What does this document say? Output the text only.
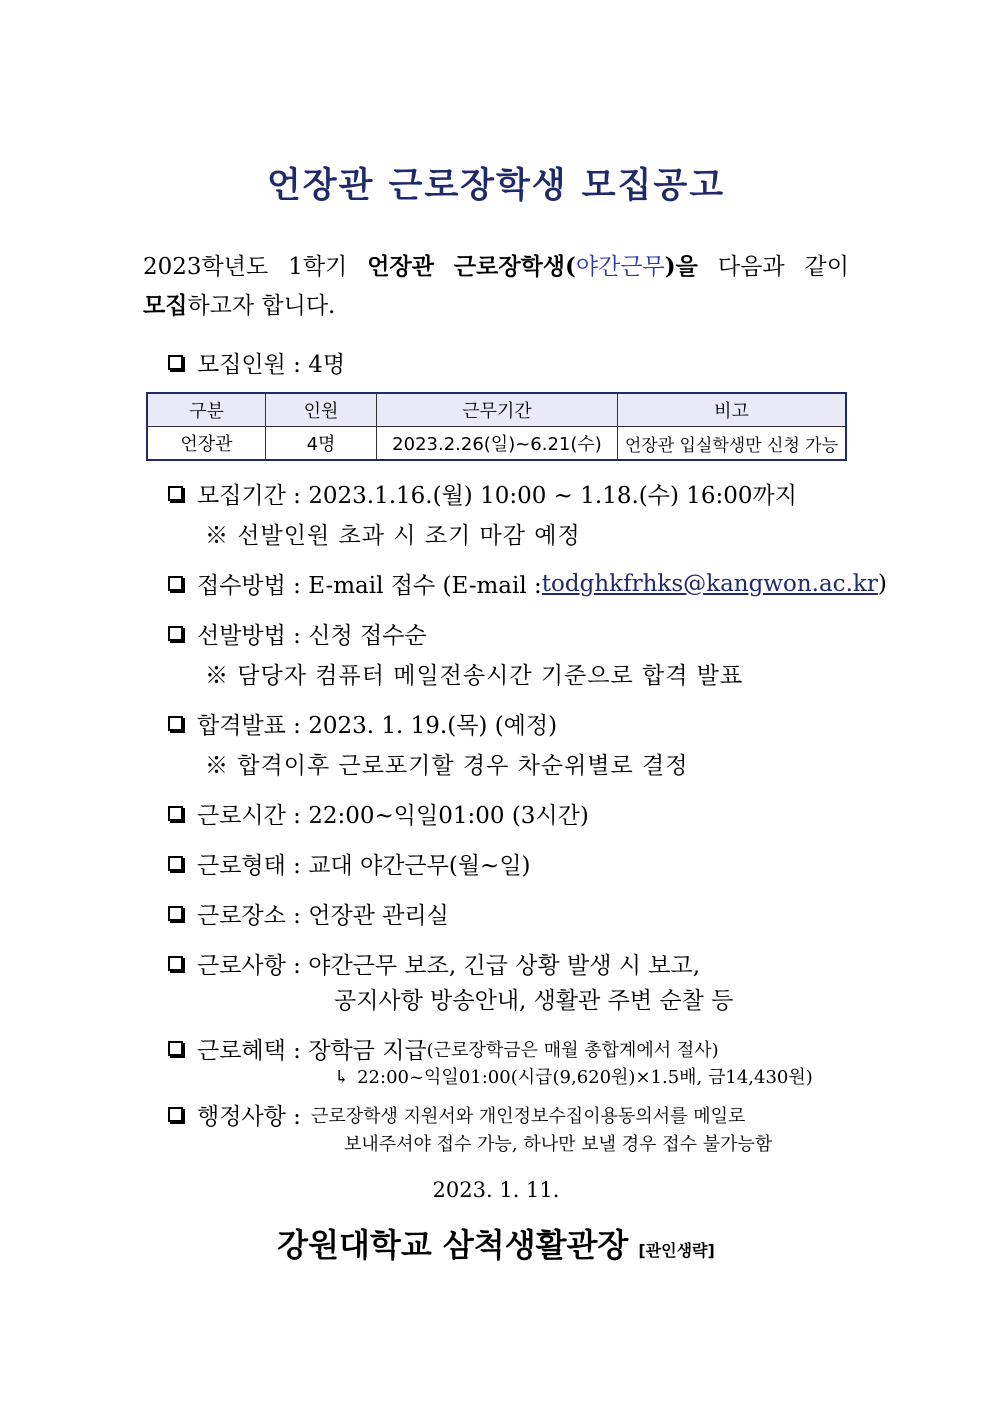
언장관 근로장학생 모집공고
2023학년도 1학기 언장관 근로장학생(야간근무)을 다음과 같이
모집하고자 합니다.
모집인원 : 4명
구분	인원	근무기간	비고
언장관	4명	2023.2.26(일)~6.21(수)	언장관 입실학생만 신청 가능
모집기간 : 2023.1.16.(월) 10:00 ~ 1.18.(수) 16:00까지
※ 선발인원 초과 시 조기 마감 예정
접수방법 : E-mail 접수 (E-mail : todghkfrhks@kangwon.ac.kr )
선발방법 : 신청 접수순
※ 담당자 컴퓨터 메일전송시간 기준으로 합격 발표
합격발표 : 2023. 1. 19.(목) (예정)
※ 합격이후 근로포기할 경우 차순위별로 결정
근로시간 : 22:00~익일01:00 (3시간)
근로형태 : 교대 야간근무(월~일)
근로장소 : 언장관 관리실
근로사항 : 야간근무 보조, 긴급 상황 발생 시 보고,
공지사항 방송안내, 생활관 주변 순찰 등
근로혜택 : 장학금 지급 (근로장학금은 매월 총합계에서 절사)
↳ 22:00~익일01:00(시급(9,620원)×1.5배, 금14,430원)
행정사항 : 근로장학생 지원서와 개인정보수집이용동의서를 메일로
보내주셔야 접수 가능, 하나만 보낼 경우 접수 불가능함
2023. 1. 11.
강원대학교 삼척생활관장 [관인생략]
